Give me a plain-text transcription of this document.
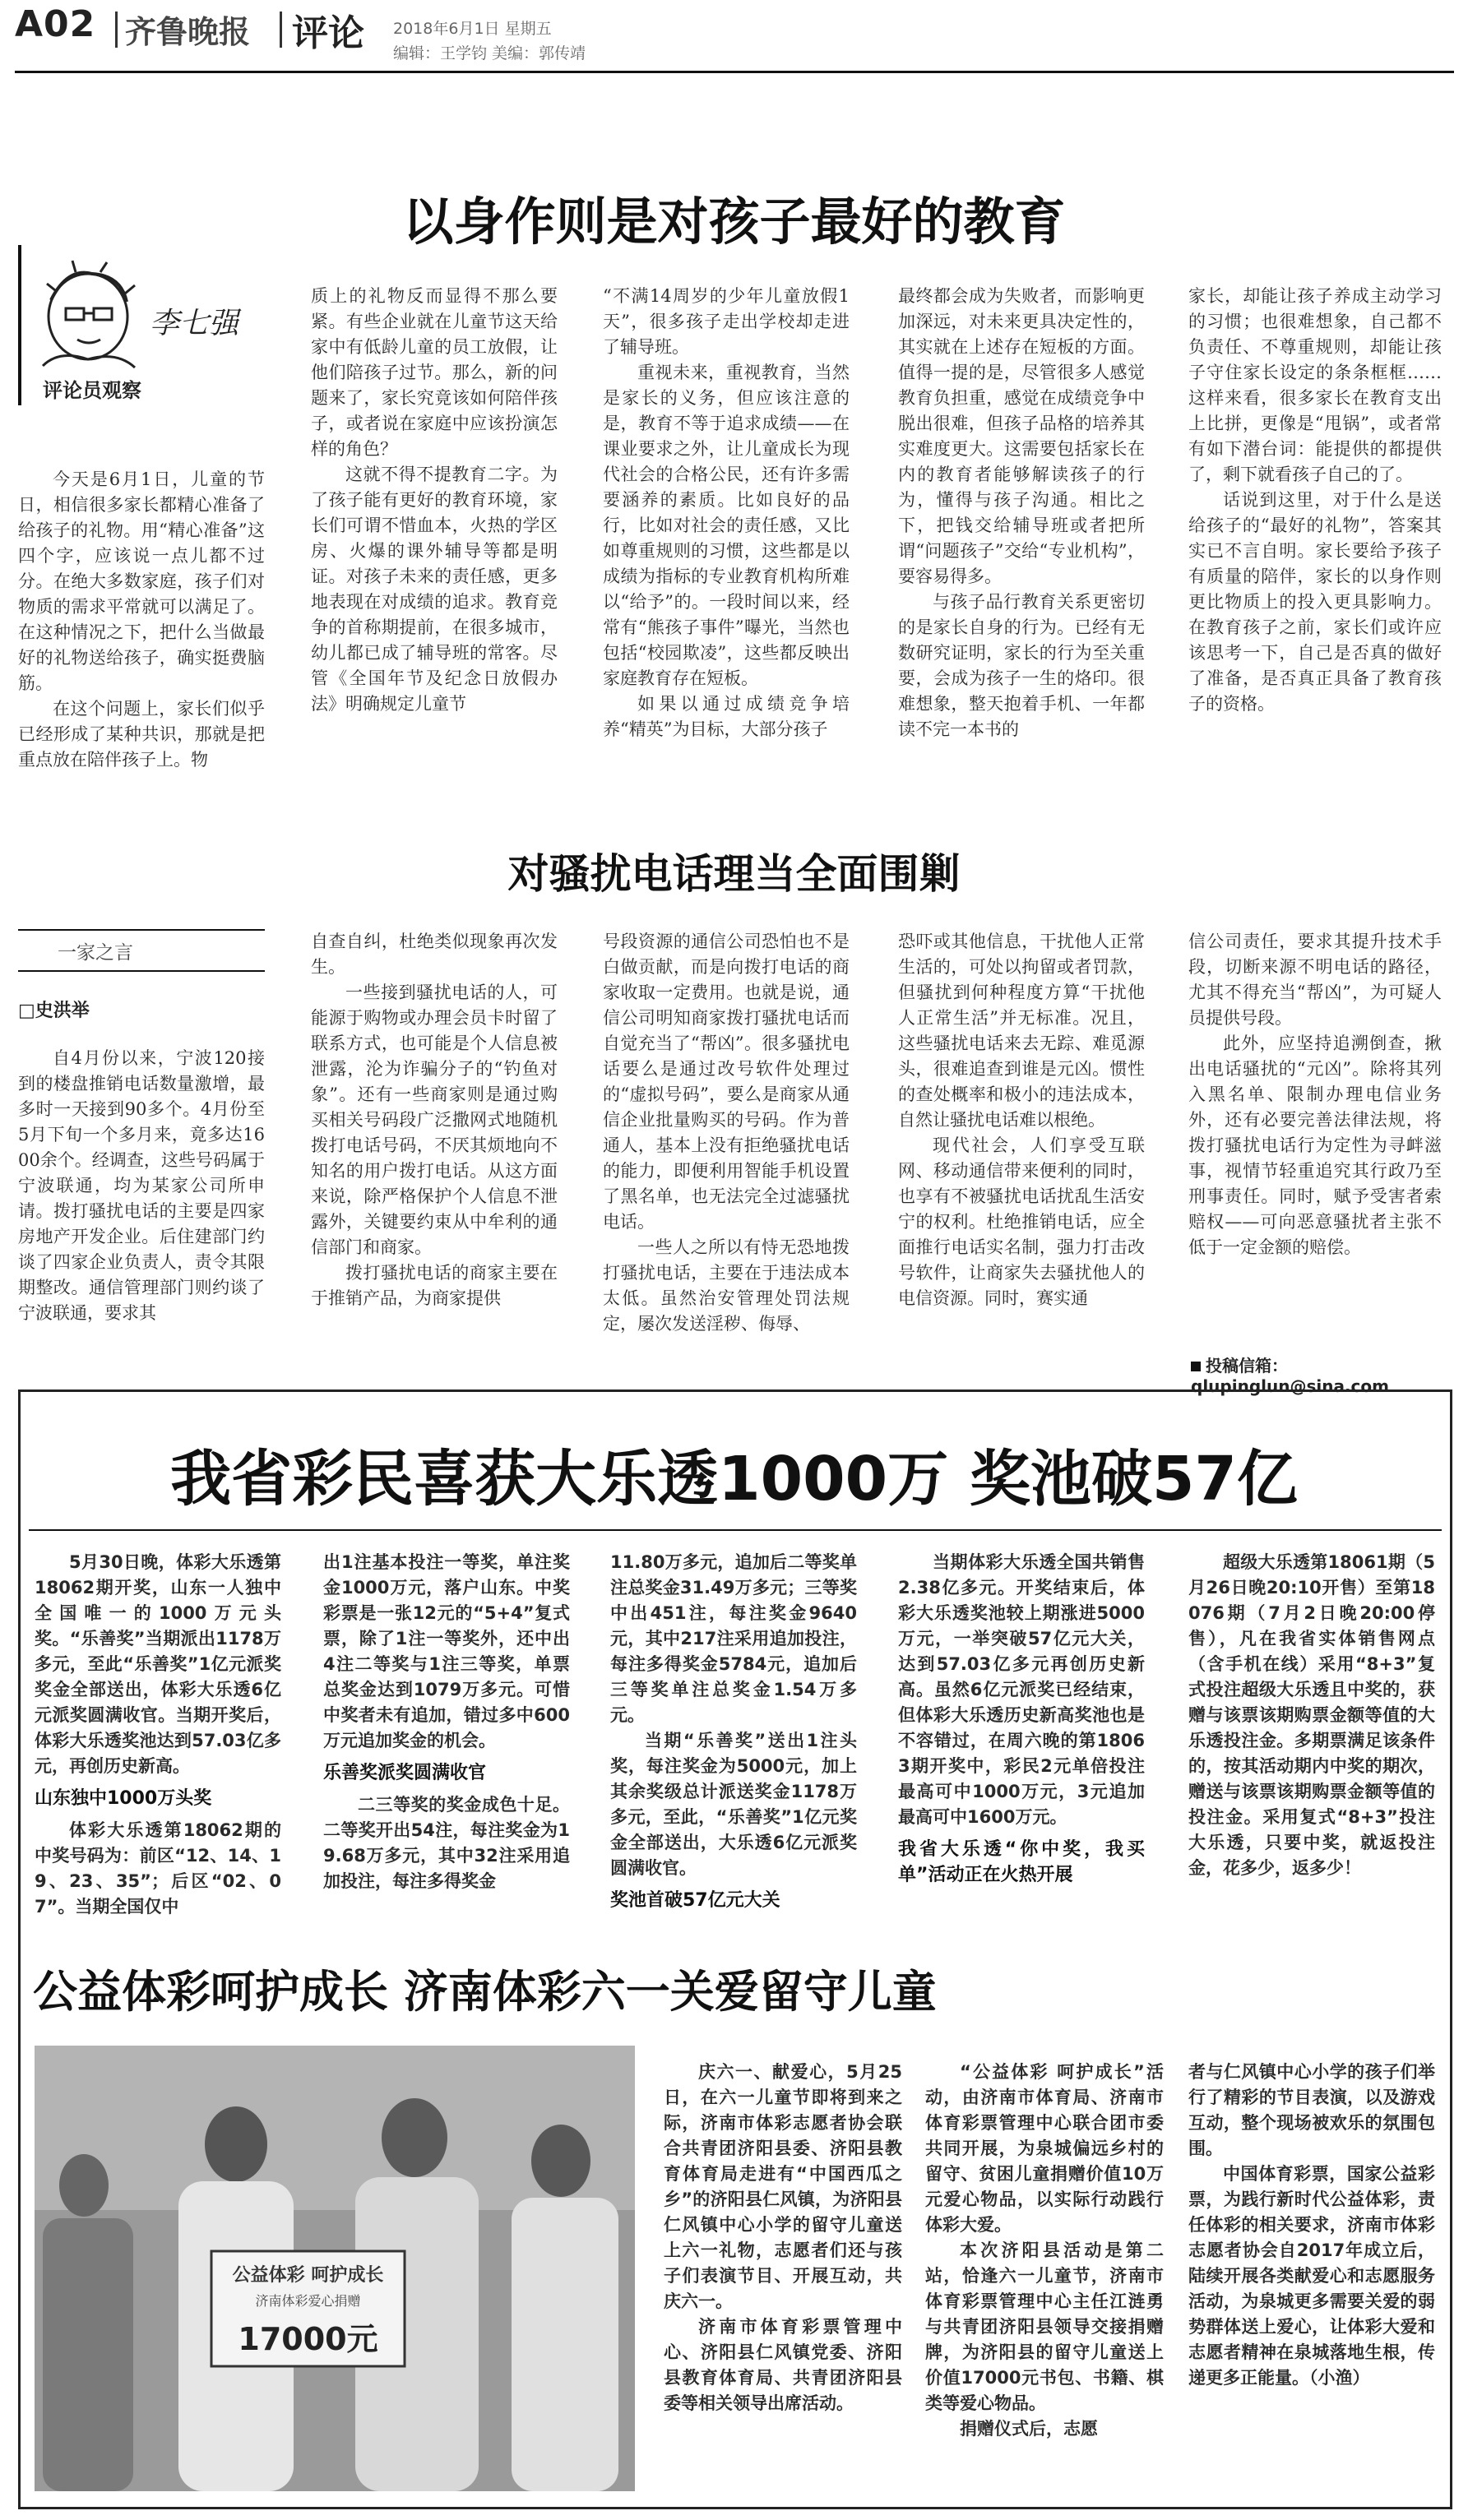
A02 齐鲁晚报 评论 2018年6月1日 星期五
编辑：王学钧 美编：郭传靖
以身作则是对孩子最好的教育
李七强
评论员观察

今天是6月1日，儿童的节日，相信很多家长都精心准备了给孩子的礼物。用“精心准备”这四个字，应该说一点儿都不过分。在绝大多数家庭，孩子们对物质的需求平常就可以满足了。在这种情况之下，把什么当做最好的礼物送给孩子，确实挺费脑筋。

在这个问题上，家长们似乎已经形成了某种共识，那就是把重点放在陪伴孩子上。物

质上的礼物反而显得不那么要紧。有些企业就在儿童节这天给家中有低龄儿童的员工放假，让他们陪孩子过节。那么，新的问题来了，家长究竟该如何陪伴孩子，或者说在家庭中应该扮演怎样的角色？

这就不得不提教育二字。为了孩子能有更好的教育环境，家长们可谓不惜血本，火热的学区房、火爆的课外辅导等都是明证。对孩子未来的责任感，更多地表现在对成绩的追求。教育竞争的首称期提前，在很多城市，幼儿都已成了辅导班的常客。尽管《全国年节及纪念日放假办法》明确规定儿童节

“不满14周岁的少年儿童放假1天”，很多孩子走出学校却走进了辅导班。

重视未来，重视教育，当然是家长的义务，但应该注意的是，教育不等于追求成绩——在课业要求之外，让儿童成长为现代社会的合格公民，还有许多需要涵养的素质。比如良好的品行，比如对社会的责任感，又比如尊重规则的习惯，这些都是以成绩为指标的专业教育机构所难以“给予”的。一段时间以来，经常有“熊孩子事件”曝光，当然也包括“校园欺凌”，这些都反映出家庭教育存在短板。

如果以通过成绩竞争培养“精英”为目标，大部分孩子

最终都会成为失败者，而影响更加深远，对未来更具决定性的，其实就在上述存在短板的方面。值得一提的是，尽管很多人感觉教育负担重，感觉在成绩竞争中脱出很难，但孩子品格的培养其实难度更大。这需要包括家长在内的教育者能够解读孩子的行为，懂得与孩子沟通。相比之下，把钱交给辅导班或者把所谓“问题孩子”交给“专业机构”，要容易得多。

与孩子品行教育关系更密切的是家长自身的行为。已经有无数研究证明，家长的行为至关重要，会成为孩子一生的烙印。很难想象，整天抱着手机、一年都读不完一本书的

家长，却能让孩子养成主动学习的习惯；也很难想象，自己都不负责任、不尊重规则，却能让孩子守住家长设定的条条框框……这样来看，很多家长在教育支出上比拼，更像是“甩锅”，或者常有如下潜台词：能提供的都提供了，剩下就看孩子自己的了。

话说到这里，对于什么是送给孩子的“最好的礼物”，答案其实已不言自明。家长要给予孩子有质量的陪伴，家长的以身作则更比物质上的投入更具影响力。在教育孩子之前，家长们或许应该思考一下，自己是否真的做好了准备，是否真正具备了教育孩子的资格。

对骚扰电话理当全面围剿
一家之言
□史洪举

自4月份以来，宁波120接到的楼盘推销电话数量激增，最多时一天接到90多个。4月份至5月下旬一个多月来，竟多达1600余个。经调查，这些号码属于宁波联通，均为某家公司所申请。拨打骚扰电话的主要是四家房地产开发企业。后住建部门约谈了四家企业负责人，责令其限期整改。通信管理部门则约谈了宁波联通，要求其

自查自纠，杜绝类似现象再次发生。

一些接到骚扰电话的人，可能源于购物或办理会员卡时留了联系方式，也可能是个人信息被泄露，沦为诈骗分子的“钓鱼对象”。还有一些商家则是通过购买相关号码段广泛撒网式地随机拨打电话号码，不厌其烦地向不知名的用户拨打电话。从这方面来说，除严格保护个人信息不泄露外，关键要约束从中牟利的通信部门和商家。

拨打骚扰电话的商家主要在于推销产品，为商家提供

号段资源的通信公司恐怕也不是白做贡献，而是向拨打电话的商家收取一定费用。也就是说，通信公司明知商家拨打骚扰电话而自觉充当了“帮凶”。很多骚扰电话要么是通过改号软件处理过的“虚拟号码”，要么是商家从通信企业批量购买的号码。作为普通人，基本上没有拒绝骚扰电话的能力，即便利用智能手机设置了黑名单，也无法完全过滤骚扰电话。

一些人之所以有恃无恐地拨打骚扰电话，主要在于违法成本太低。虽然治安管理处罚法规定，屡次发送淫秽、侮辱、

恐吓或其他信息，干扰他人正常生活的，可处以拘留或者罚款，但骚扰到何种程度方算“干扰他人正常生活”并无标准。况且，这些骚扰电话来去无踪、难觅源头，很难追查到谁是元凶。惯性的查处概率和极小的违法成本，自然让骚扰电话难以根绝。

现代社会，人们享受互联网、移动通信带来便利的同时，也享有不被骚扰电话扰乱生活安宁的权利。杜绝推销电话，应全面推行电话实名制，强力打击改号软件，让商家失去骚扰他人的电信资源。同时，赛实通

信公司责任，要求其提升技术手段，切断来源不明电话的路径，尤其不得充当“帮凶”，为可疑人员提供号段。

此外，应坚持追溯倒查，揪出电话骚扰的“元凶”。除将其列入黑名单、限制办理电信业务外，还有必要完善法律法规，将拨打骚扰电话行为定性为寻衅滋事，视情节轻重追究其行政乃至刑事责任。同时，赋予受害者索赔权——可向恶意骚扰者主张不低于一定金额的赔偿。

投稿信箱：qlupinglun@sina.com
我省彩民喜获大乐透1000万 奖池破57亿

5月30日晚，体彩大乐透第18062期开奖，山东一人独中全国唯一的1000万元头奖。“乐善奖”当期派出1178万多元，至此“乐善奖”1亿元派奖奖金全部送出，体彩大乐透6亿元派奖圆满收官。当期开奖后，体彩大乐透奖池达到57.03亿多元，再创历史新高。

山东独中1000万头奖

体彩大乐透第18062期的中奖号码为：前区“12、14、19、23、35”；后区“02、07”。当期全国仅中

出1注基本投注一等奖，单注奖金1000万元，落户山东。中奖彩票是一张12元的“5+4”复式票，除了1注一等奖外，还中出4注二等奖与1注三等奖，单票总奖金达到1079万多元。可惜中奖者未有追加，错过多中600万元追加奖金的机会。

乐善奖派奖圆满收官

二三等奖的奖金成色十足。二等奖开出54注，每注奖金为19.68万多元，其中32注采用追加投注，每注多得奖金

11.80万多元，追加后二等奖单注总奖金31.49万多元；三等奖中出451注，每注奖金9640元，其中217注采用追加投注，每注多得奖金5784元，追加后三等奖单注总奖金1.54万多元。

当期“乐善奖”送出1注头奖，每注奖金为5000元，加上其余奖级总计派送奖金1178万多元，至此，“乐善奖”1亿元奖金全部送出，大乐透6亿元派奖圆满收官。

奖池首破57亿元大关

当期体彩大乐透全国共销售2.38亿多元。开奖结束后，体彩大乐透奖池较上期涨进5000万元，一举突破57亿元大关，达到57.03亿多元再创历史新高。虽然6亿元派奖已经结束，但体彩大乐透历史新高奖池也是不容错过，在周六晚的第18063期开奖中，彩民2元单倍投注最高可中1000万元，3元追加最高可中1600万元。

我省大乐透“你中奖，我买单”活动正在火热开展

超级大乐透第18061期（5月26日晚20:10开售）至第18076期（7月2日晚20:00停售），凡在我省实体销售网点（含手机在线）采用“8+3”复式投注超级大乐透且中奖的，获赠与该票该期购票金额等值的大乐透投注金。多期票满足该条件的，按其活动期内中奖的期次，赠送与该票该期购票金额等值的投注金。采用复式“8+3”投注大乐透，只要中奖，就返投注金，花多少，返多少！

公益体彩呵护成长 济南体彩六一关爱留守儿童
公益体彩 呵护成长
济南体彩爱心捐赠
17000元

庆六一、献爱心，5月25日，在六一儿童节即将到来之际，济南市体彩志愿者协会联合共青团济阳县委、济阳县教育体育局走进有“中国西瓜之乡”的济阳县仁风镇，为济阳县仁风镇中心小学的留守儿童送上六一礼物，志愿者们还与孩子们表演节目、开展互动，共庆六一。

济南市体育彩票管理中心、济阳县仁风镇党委、济阳县教育体育局、共青团济阳县委等相关领导出席活动。

“公益体彩 呵护成长”活动，由济南市体育局、济南市体育彩票管理中心联合团市委共同开展，为泉城偏远乡村的留守、贫困儿童捐赠价值10万元爱心物品，以实际行动践行体彩大爱。

本次济阳县活动是第二站，恰逢六一儿童节，济南市体育彩票管理中心主任江涟勇与共青团济阳县领导交接捐赠牌，为济阳县的留守儿童送上价值17000元书包、书籍、棋类等爱心物品。

捐赠仪式后，志愿

者与仁风镇中心小学的孩子们举行了精彩的节目表演，以及游戏互动，整个现场被欢乐的氛围包围。

中国体育彩票，国家公益彩票，为践行新时代公益体彩，责任体彩的相关要求，济南市体彩志愿者协会自2017年成立后，陆续开展各类献爱心和志愿服务活动，为泉城更多需要关爱的弱势群体送上爱心，让体彩大爱和志愿者精神在泉城落地生根，传递更多正能量。（小渔）
